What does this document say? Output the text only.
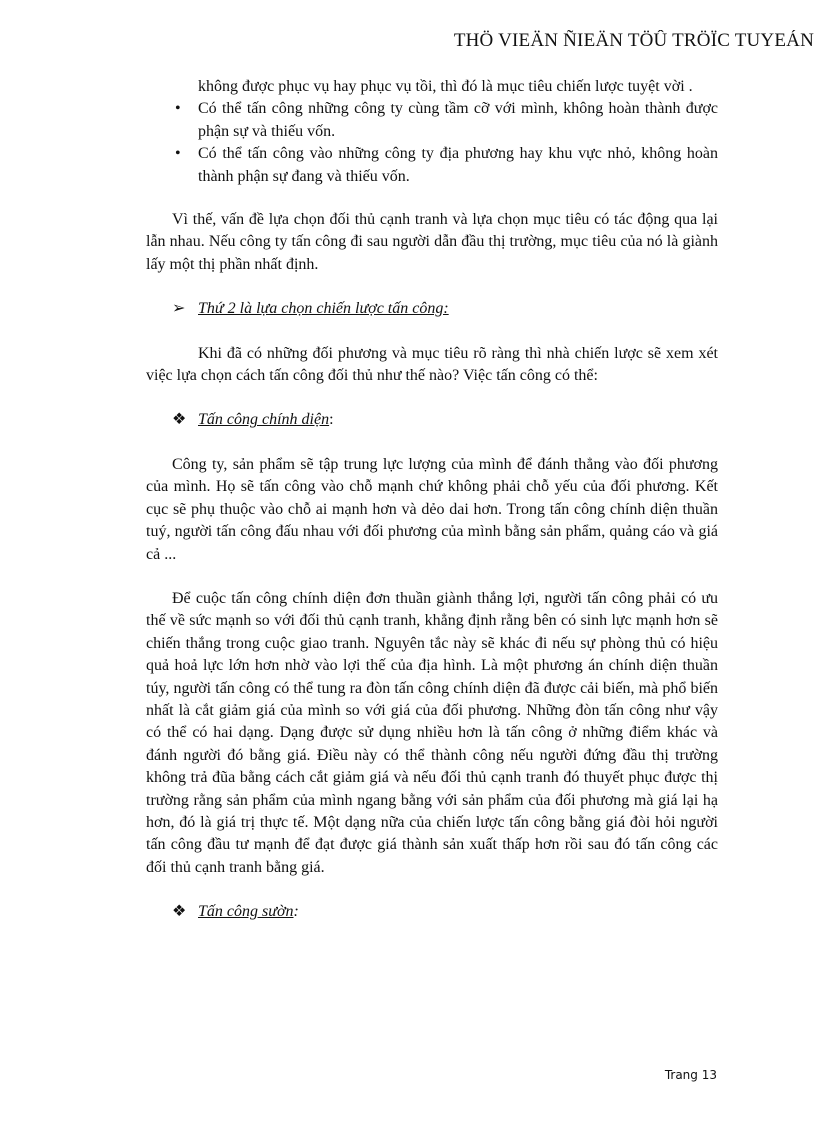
THÖ VIEÄN ÑIEÄN TÖÛ TRÖÏC TUYEÁN

không được phục vụ hay phục vụ tồi, thì đó là mục tiêu chiến lược tuyệt vời .

• Có thể tấn công những công ty cùng tầm cỡ với mình, không hoàn thành được phận sự và thiếu vốn.
• Có thể tấn công vào những công ty địa phương hay khu vực nhỏ, không hoàn thành phận sự đang và thiếu vốn.

Vì thế, vấn đề lựa chọn đối thủ cạnh tranh và lựa chọn mục tiêu có tác động qua lại lẫn nhau. Nếu công ty tấn công đi sau người dẫn đầu thị trường, mục tiêu của nó là giành lấy một thị phần nhất định.

➢ Thứ 2 là lựa chọn chiến lược tấn công:

Khi đã có những đối phương và mục tiêu rõ ràng thì nhà chiến lược sẽ xem xét việc lựa chọn cách tấn công đối thủ như thế nào? Việc tấn công có thể:

❖ Tấn công chính diện:

Công ty, sản phẩm sẽ tập trung lực lượng của mình để đánh thẳng vào đối phương của mình. Họ sẽ tấn công vào chỗ mạnh chứ không phải chỗ yếu của đối phương. Kết cục sẽ phụ thuộc vào chỗ ai mạnh hơn và dẻo dai hơn. Trong tấn công chính diện thuần tuý, người tấn công đấu nhau với đối phương của mình bằng sản phẩm, quảng cáo và giá cả ...

Để cuộc tấn công chính diện đơn thuần giành thắng lợi, người tấn công phải có ưu thế về sức mạnh so với đối thủ cạnh tranh, khẳng định rằng bên có sinh lực mạnh hơn sẽ chiến thắng trong cuộc giao tranh. Nguyên tắc này sẽ khác đi nếu sự phòng thủ có hiệu quả hoả lực lớn hơn nhờ vào lợi thế của địa hình. Là một phương án chính diện thuần túy, người tấn công có thể tung ra đòn tấn công chính diện đã được cải biến, mà phổ biến nhất là cắt giảm giá của mình so với giá của đối phương. Những đòn tấn công như vậy có thể có hai dạng. Dạng được sử dụng nhiều hơn là tấn công ở những điểm khác và đánh người đó bằng giá. Điều này có thể thành công nếu người đứng đầu thị trường không trả đũa bằng cách cắt giảm giá và nếu đối thủ cạnh tranh đó thuyết phục được thị trường rằng sản phẩm của mình ngang bằng với sản phẩm của đối phương mà giá lại hạ hơn, đó là giá trị thực tế. Một dạng nữa của chiến lược tấn công bằng giá đòi hỏi người tấn công đầu tư mạnh để đạt được giá thành sản xuất thấp hơn rồi sau đó tấn công các đối thủ cạnh tranh bằng giá.

❖ Tấn công sườn:

Trang 13
